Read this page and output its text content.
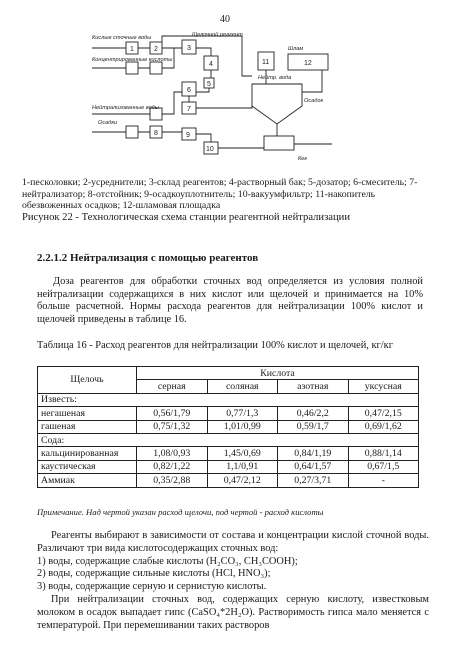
40
Кислые сточные воды
Концентрированные кислоты
Щелочной реагент
Нейтрализованные воды
Осадки
Нейтр. вода
Осадок
Шлам
Кек
1	2	3
4
5
6
7
8	9
10
11	12
1-песколовки; 2-усреднители; 3-склад реагентов; 4-растворный бак; 5-дозатор; 6-смеситель; 7-нейтрализатор; 8-отстойник; 9-осадкоуплотнитель; 10-вакуумфильтр; 11-накопитель обезвоженных осадков; 12-шламовая площадка
Рисунок 22 - Технологическая схема станции реагентной нейтрализации
2.2.1.2 Нейтрализация с помощью реагентов
Доза реагентов для обработки сточных вод определяется из условия полной нейтрализации содержащихся в них кислот или щелочей и принимается на 10% больше расчетной. Нормы расхода реагентов для нейтрализации 100% кислот и щелочей приведены в таблице 16.
Таблица 16 - Расход реагентов для нейтрализации 100% кислот и щелочей, кг/кг
Щелочь	Кислота			
	серная	соляная	азотная	уксусная
Известь:				
негашеная	0,56/1,79	0,77/1,3	0,46/2,2	0,47/2,15
гашеная	0,75/1,32	1,01/0,99	0,59/1,7	0,69/1,62
Сода:				
кальцинированная	1,08/0,93	1,45/0,69	0,84/1,19	0,88/1,14
каустическая	0,82/1,22	1,1/0,91	0,64/1,57	0,67/1,5
Аммиак	0,35/2,88	0,47/2,12	0,27/3,71	-
Примечание. Над чертой указан расход щелочи, под чертой - расход кислоты

Реагенты выбирают в зависимости от состава и концентрации кислой сточной воды. Различают три вида кислотосодержащих сточных вод:

1) воды, содержащие слабые кислоты (H₂CO₃, CH₃COOH);

2) воды, содержащие сильные кислоты (HCl, HNO₃);

3) воды, содержащие серную и сернистую кислоты.

При нейтрализации сточных вод, содержащих серную кислоту, известковым молоком в осадок выпадает гипс (CaSO₄*2H₂O). Растворимость гипса мало меняется с температурой. При перемешивании таких растворов
